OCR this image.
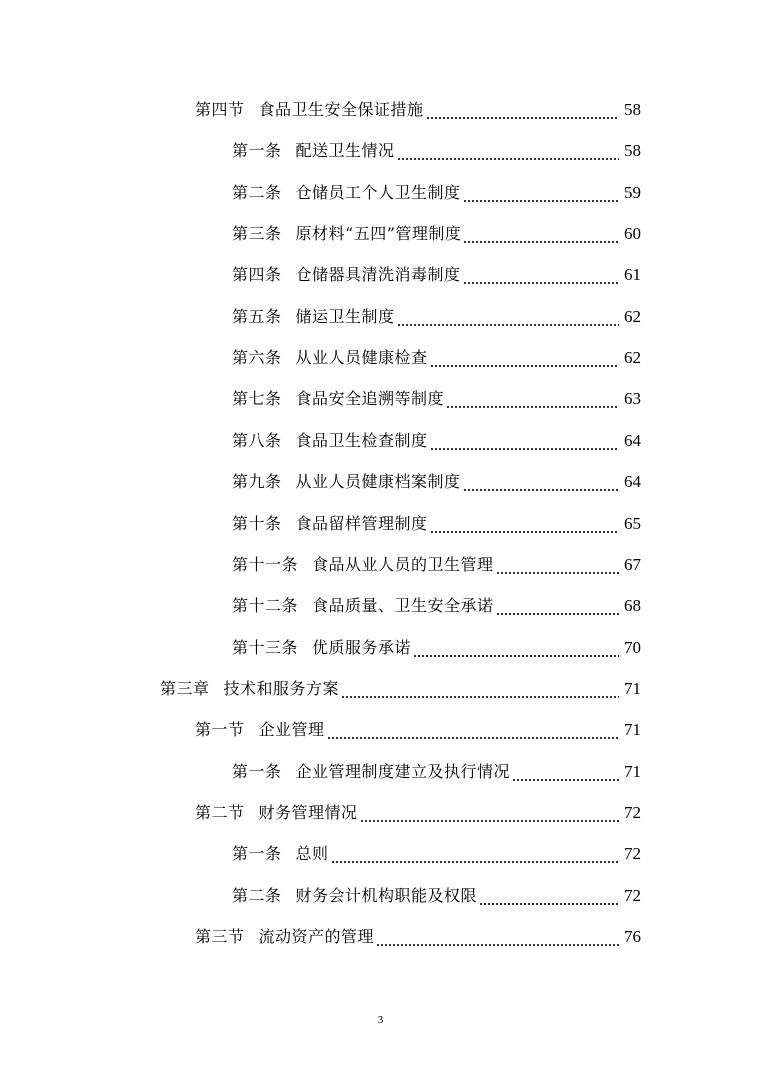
第四节 食品卫生安全保证措施	58
第一条 配送卫生情况	58
第二条 仓储员工个人卫生制度	59
第三条 原材料“五四”管理制度	60
第四条 仓储器具清洗消毒制度	61
第五条 储运卫生制度	62
第六条 从业人员健康检查	62
第七条 食品安全追溯等制度	63
第八条 食品卫生检查制度	64
第九条 从业人员健康档案制度	64
第十条 食品留样管理制度	65
第十一条 食品从业人员的卫生管理	67
第十二条 食品质量、卫生安全承诺	68
第十三条 优质服务承诺	70
第三章 技术和服务方案	71
第一节 企业管理	71
第一条 企业管理制度建立及执行情况	71
第二节 财务管理情况	72
第一条 总则	72
第二条 财务会计机构职能及权限	72
第三节 流动资产的管理	76
3
